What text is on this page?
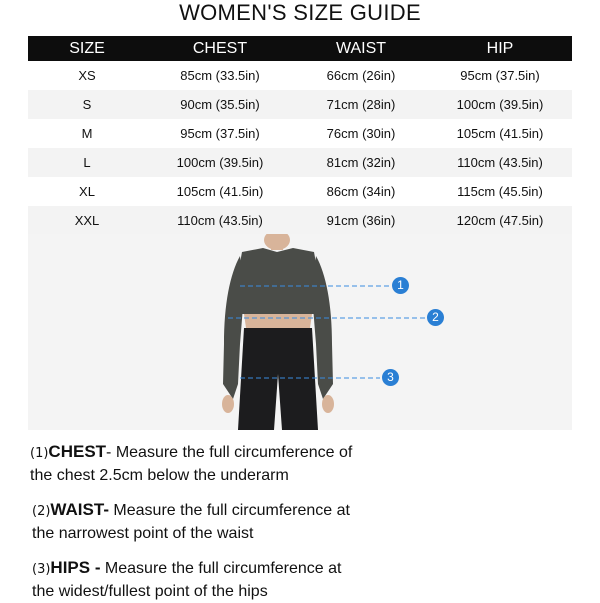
WOMEN'S SIZE GUIDE
SIZE	CHEST	WAIST	HIP
XS	85cm (33.5in)	66cm (26in)	95cm (37.5in)
S	90cm (35.5in)	71cm (28in)	100cm (39.5in)
M	95cm (37.5in)	76cm (30in)	105cm (41.5in)
L	100cm (39.5in)	81cm (32in)	110cm (43.5in)
XL	105cm (41.5in)	86cm (34in)	115cm (45.5in)
XXL	110cm (43.5in)	91cm (36in)	120cm (47.5in)
1
2
3
(1)CHEST- Measure the full circumference of
the chest 2.5cm below the underarm
(2)WAIST- Measure the full circumference at
the narrowest point of the waist
(3)HIPS - Measure the full circumference at
the widest/fullest point of the hips
